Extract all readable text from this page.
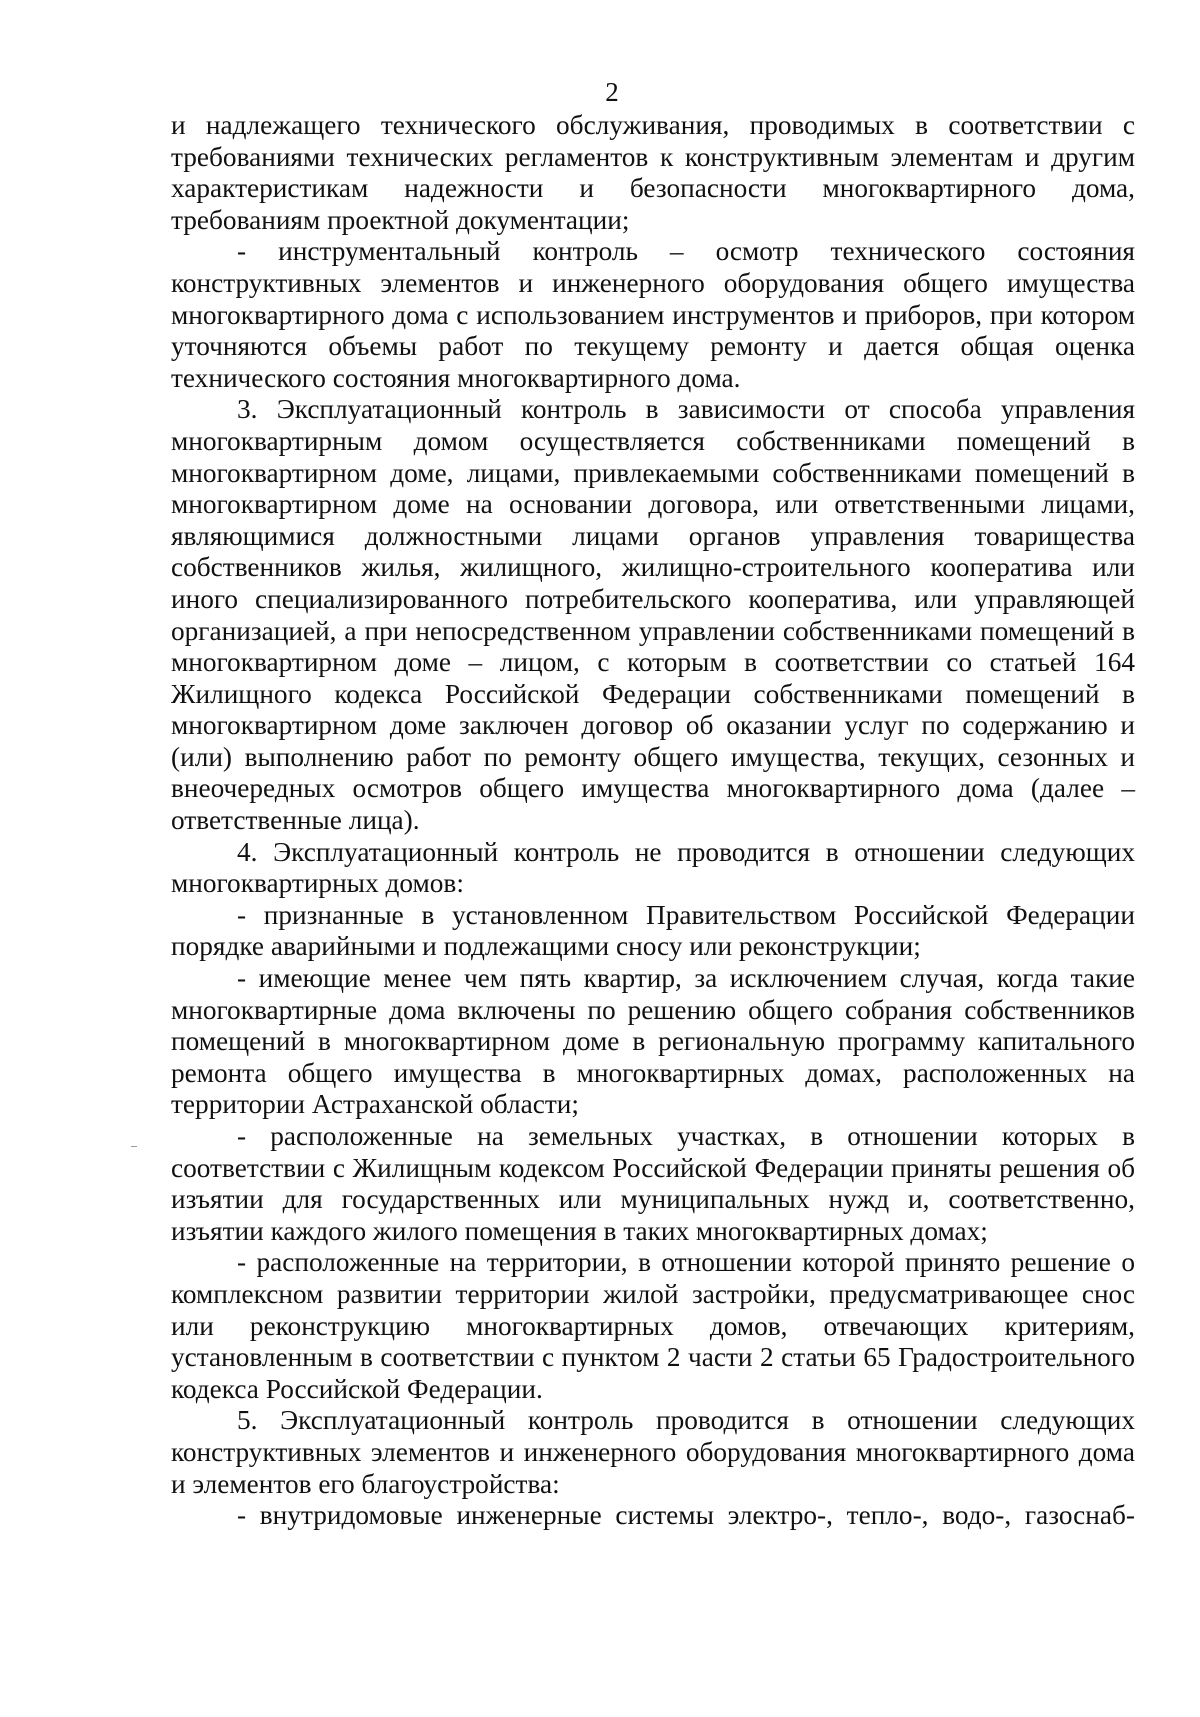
2

и надлежащего технического обслуживания, проводимых в соответствии с требованиями технических регламентов к конструктивным элементам и другим характеристикам надежности и безопасности многоквартирного дома, требованиям проектной документации;

- инструментальный контроль – осмотр технического состояния конструктивных элементов и инженерного оборудования общего имущества многоквартирного дома с использованием инструментов и приборов, при котором уточняются объемы работ по текущему ремонту и дается общая оценка технического состояния многоквартирного дома.

3. Эксплуатационный контроль в зависимости от способа управления многоквартирным домом осуществляется собственниками помещений в многоквартирном доме, лицами, привлекаемыми собственниками помещений в многоквартирном доме на основании договора, или ответственными лицами, являющимися должностными лицами органов управления товарищества собственников жилья, жилищного, жилищно-строительного кооператива или иного специализированного потребительского кооператива, или управляющей организацией, а при непосредственном управлении собственниками помещений в многоквартирном доме – лицом, с которым в соответствии со статьей 164 Жилищного кодекса Российской Федерации собственниками помещений в многоквартирном доме заключен договор об оказании услуг по содержанию и (или) выполнению работ по ремонту общего имущества, текущих, сезонных и внеочередных осмотров общего имущества многоквартирного дома (далее – ответственные лица).

4. Эксплуатационный контроль не проводится в отношении следующих многоквартирных домов:

- признанные в установленном Правительством Российской Федерации порядке аварийными и подлежащими сносу или реконструкции;

- имеющие менее чем пять квартир, за исключением случая, когда такие многоквартирные дома включены по решению общего собрания собственников помещений в многоквартирном доме в региональную программу капитального ремонта общего имущества в многоквартирных домах, расположенных на территории Астраханской области;

- расположенные на земельных участках, в отношении которых в соответствии с Жилищным кодексом Российской Федерации приняты решения об изъятии для государственных или муниципальных нужд и, соответственно, изъятии каждого жилого помещения в таких многоквартирных домах;

- расположенные на территории, в отношении которой принято решение о комплексном развитии территории жилой застройки, предусматривающее снос или реконструкцию многоквартирных домов, отвечающих критериям, установленным в соответствии с пунктом 2 части 2 статьи 65 Градостроительного кодекса Российской Федерации.

5. Эксплуатационный контроль проводится в отношении следующих конструктивных элементов и инженерного оборудования многоквартирного дома и элементов его благоустройства:

- внутридомовые инженерные системы электро-, тепло-, водо-, газоснаб-
